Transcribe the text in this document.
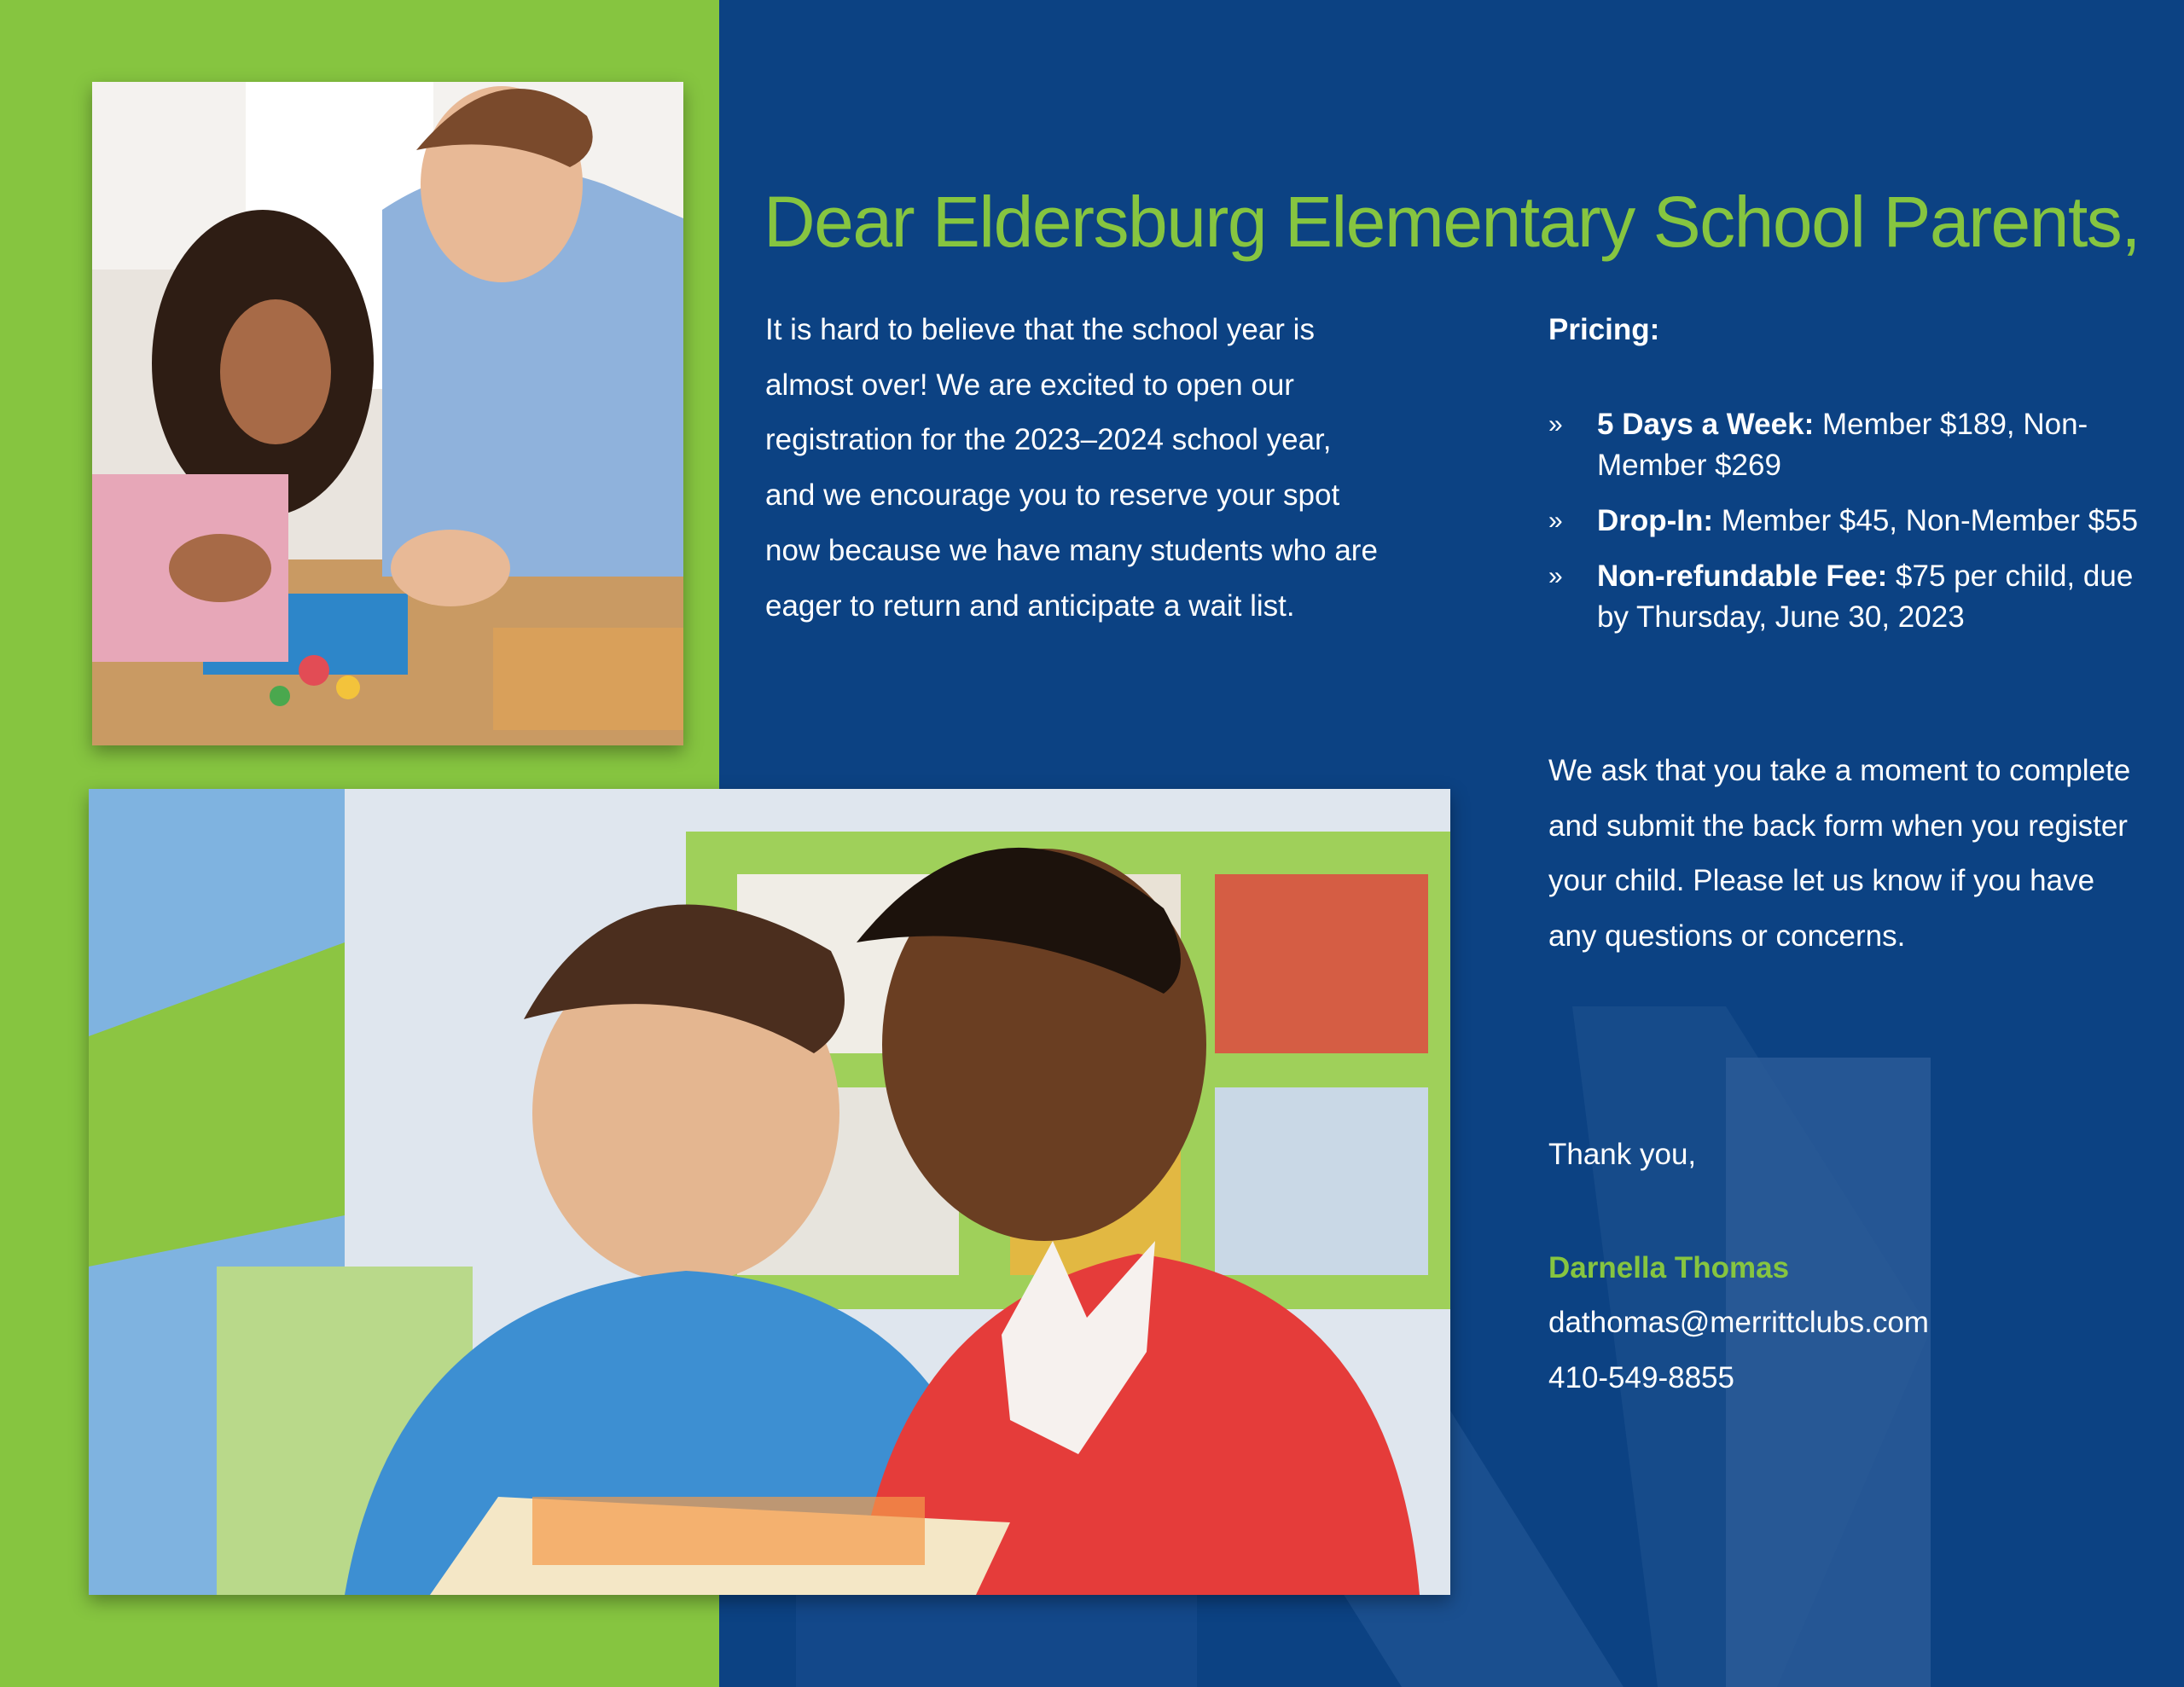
Dear Eldersburg Elementary School Parents,

It is hard to believe that the school year is almost over! We are excited to open our registration for the 2023–2024 school year, and we encourage you to reserve your spot now because we have many students who are eager to return and anticipate a wait list.

Pricing:
» 5 Days a Week: Member $189, Non-Member $269
» Drop-In: Member $45, Non-Member $55
» Non-refundable Fee: $75 per child, due by Thursday, June 30, 2023

We ask that you take a moment to complete and submit the back form when you register your child. Please let us know if you have any questions or concerns.

Thank you,

Darnella Thomas

dathomas@merrittclubs.com

410-549-8855
